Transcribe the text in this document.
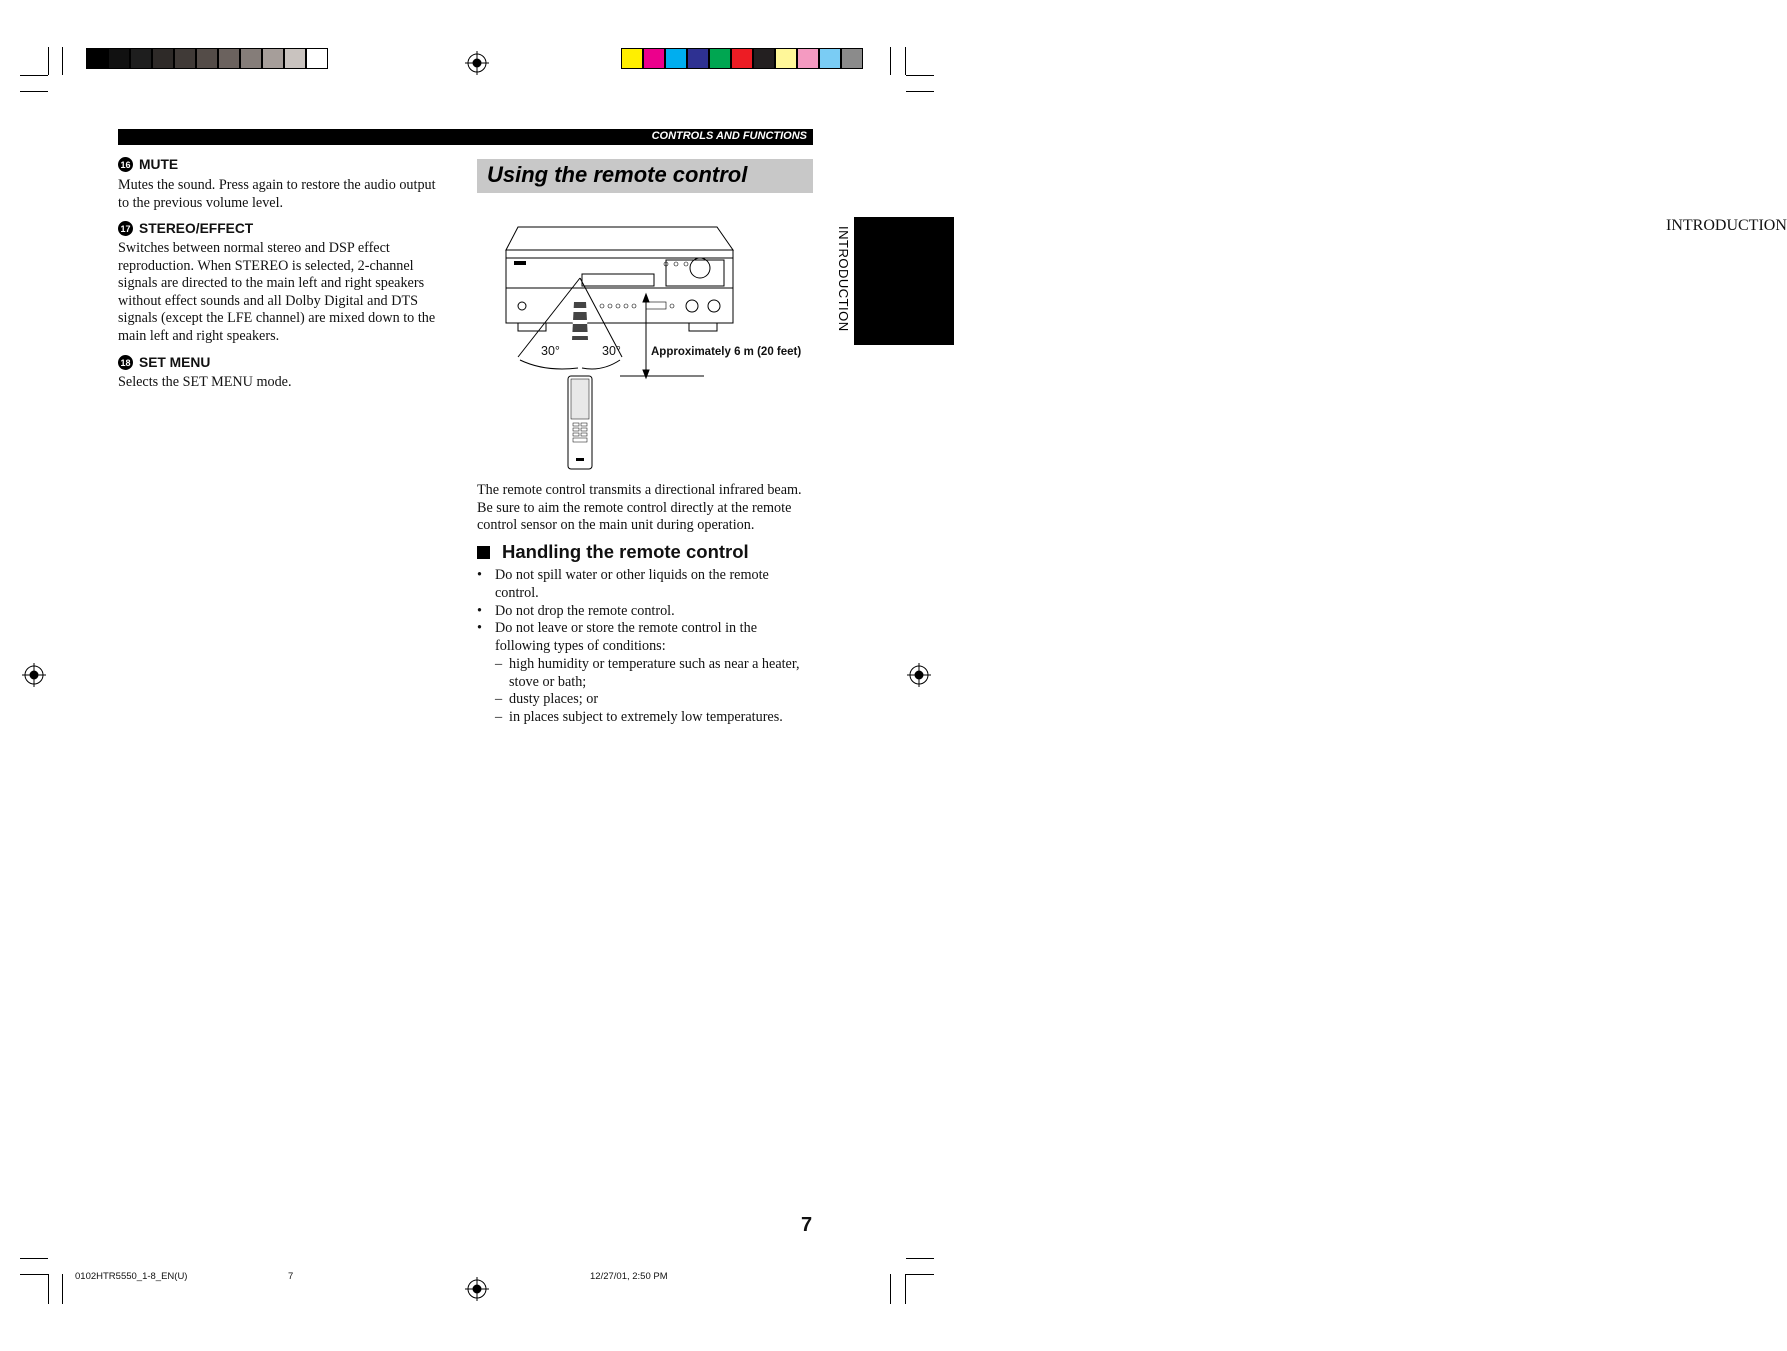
CONTROLS AND FUNCTIONS
INTRODUCTION
INTRODUCTION
16 MUTE
Mutes the sound. Press again to restore the audio output to the previous volume level.
17 STEREO/EFFECT
Switches between normal stereo and DSP effect reproduction. When STEREO is selected, 2-channel signals are directed to the main left and right speakers without effect sounds and all Dolby Digital and DTS signals (except the LFE channel) are mixed down to the main left and right speakers.
18 SET MENU
Selects the SET MENU mode.
Using the remote control
30°	30°	Approximately 6 m (20 feet)
The remote control transmits a directional infrared beam. Be sure to aim the remote control directly at the remote control sensor on the main unit during operation.
Handling the remote control
• Do not spill water or other liquids on the remote control.
• Do not drop the remote control.
• Do not leave or store the remote control in the following types of conditions:
– high humidity or temperature such as near a heater, stove or bath;
– dusty places; or
– in places subject to extremely low temperatures.
7
0102HTR5550_1-8_EN(U)	7	12/27/01, 2:50 PM
